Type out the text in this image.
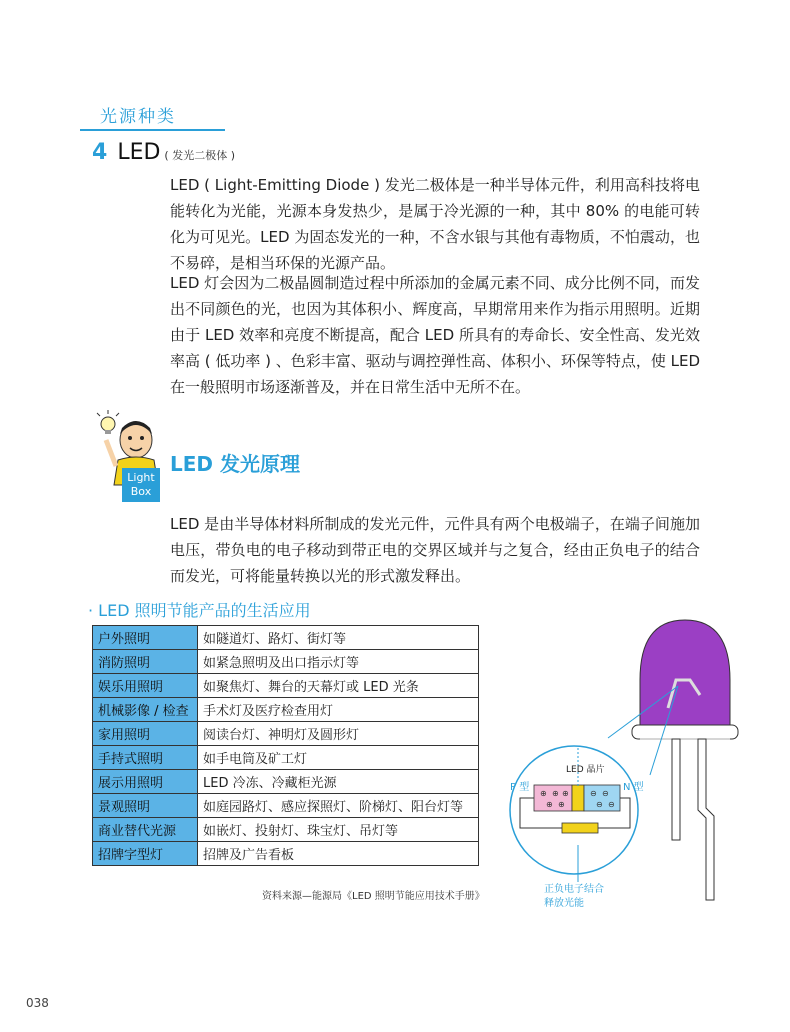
光源种类
4 LED ( 发光二极体 )

LED ( Light-Emitting Diode ) 发光二极体是一种半导体元件，利用高科技将电能转化为光能，光源本身发热少，是属于冷光源的一种，其中 80% 的电能可转化为可见光。LED 为固态发光的一种，不含水银与其他有毒物质，不怕震动，也不易碎，是相当环保的光源产品。

LED 灯会因为二极晶圆制造过程中所添加的金属元素不同、成分比例不同，而发出不同颜色的光，也因为其体积小、辉度高，早期常用来作为指示用照明。近期由于 LED 效率和亮度不断提高，配合 LED 所具有的寿命长、安全性高、发光效率高 ( 低功率 ) 、色彩丰富、驱动与调控弹性高、体积小、环保等特点，使 LED 在一般照明市场逐渐普及，并在日常生活中无所不在。

Light
Box
LED 发光原理

LED 是由半导体材料所制成的发光元件，元件具有两个电极端子，在端子间施加电压，带负电的电子移动到带正电的交界区域并与之复合，经由正负电子的结合而发光，可将能量转换以光的形式激发释出。

· LED 照明节能产品的生活应用
户外照明	如隧道灯、路灯、街灯等
消防照明	如紧急照明及出口指示灯等
娱乐用照明	如聚焦灯、舞台的天幕灯或 LED 光条
机械影像 / 检查	手术灯及医疗检查用灯
家用照明	阅读台灯、神明灯及圆形灯
手持式照明	如手电筒及矿工灯
展示用照明	LED 冷冻、冷藏柜光源
景观照明	如庭园路灯、感应探照灯、阶梯灯、阳台灯等
商业替代光源	如嵌灯、投射灯、珠宝灯、吊灯等
招牌字型灯	招牌及广告看板
资料来源—能源局《LED 照明节能应用技术手册》
⊕ ⊕ ⊕
⊕ ⊕
⊖ ⊖
⊖ ⊖
LED 晶片
P 型	N 型
正负电子结合
释放光能
038
